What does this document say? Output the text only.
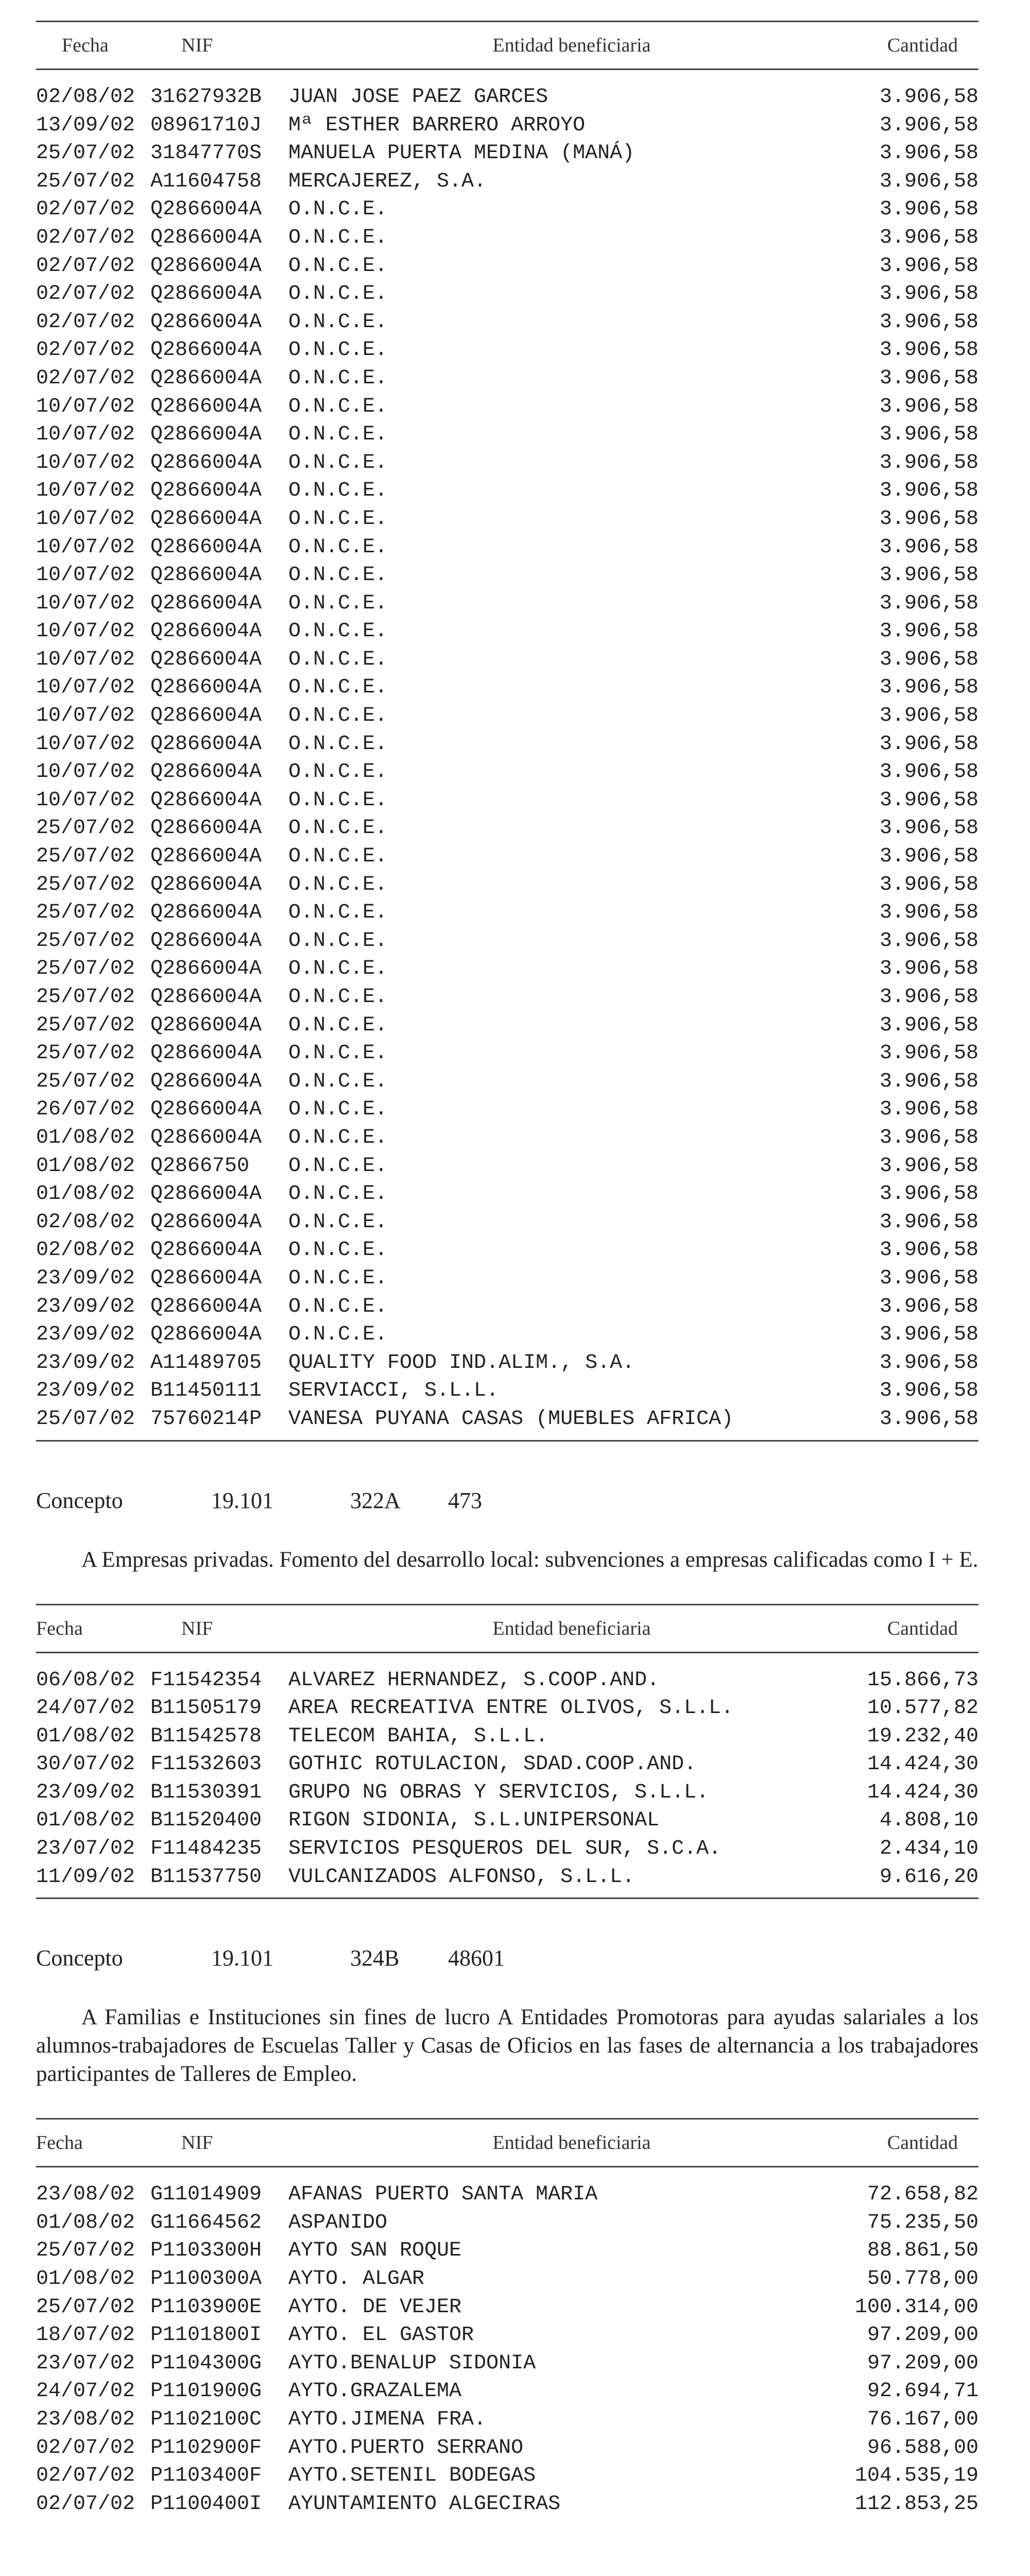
Fecha	NIF	Entidad beneficiaria	Cantidad
02/08/02 31627932B	JUAN JOSE PAEZ GARCES	3.906,58
13/09/02 08961710J	Mª ESTHER BARRERO ARROYO	3.906,58
25/07/02 31847770S	MANUELA PUERTA MEDINA (MANÁ)	3.906,58
25/07/02 A11604758	MERCAJEREZ, S.A.	3.906,58
02/07/02 Q2866004A	O.N.C.E.	3.906,58
02/07/02 Q2866004A	O.N.C.E.	3.906,58
02/07/02 Q2866004A	O.N.C.E.	3.906,58
02/07/02 Q2866004A	O.N.C.E.	3.906,58
02/07/02 Q2866004A	O.N.C.E.	3.906,58
02/07/02 Q2866004A	O.N.C.E.	3.906,58
02/07/02 Q2866004A	O.N.C.E.	3.906,58
10/07/02 Q2866004A	O.N.C.E.	3.906,58
10/07/02 Q2866004A	O.N.C.E.	3.906,58
10/07/02 Q2866004A	O.N.C.E.	3.906,58
10/07/02 Q2866004A	O.N.C.E.	3.906,58
10/07/02 Q2866004A	O.N.C.E.	3.906,58
10/07/02 Q2866004A	O.N.C.E.	3.906,58
10/07/02 Q2866004A	O.N.C.E.	3.906,58
10/07/02 Q2866004A	O.N.C.E.	3.906,58
10/07/02 Q2866004A	O.N.C.E.	3.906,58
10/07/02 Q2866004A	O.N.C.E.	3.906,58
10/07/02 Q2866004A	O.N.C.E.	3.906,58
10/07/02 Q2866004A	O.N.C.E.	3.906,58
10/07/02 Q2866004A	O.N.C.E.	3.906,58
10/07/02 Q2866004A	O.N.C.E.	3.906,58
10/07/02 Q2866004A	O.N.C.E.	3.906,58
25/07/02 Q2866004A	O.N.C.E.	3.906,58
25/07/02 Q2866004A	O.N.C.E.	3.906,58
25/07/02 Q2866004A	O.N.C.E.	3.906,58
25/07/02 Q2866004A	O.N.C.E.	3.906,58
25/07/02 Q2866004A	O.N.C.E.	3.906,58
25/07/02 Q2866004A	O.N.C.E.	3.906,58
25/07/02 Q2866004A	O.N.C.E.	3.906,58
25/07/02 Q2866004A	O.N.C.E.	3.906,58
25/07/02 Q2866004A	O.N.C.E.	3.906,58
25/07/02 Q2866004A	O.N.C.E.	3.906,58
26/07/02 Q2866004A	O.N.C.E.	3.906,58
01/08/02 Q2866004A	O.N.C.E.	3.906,58
01/08/02 Q2866750	O.N.C.E.	3.906,58
01/08/02 Q2866004A	O.N.C.E.	3.906,58
02/08/02 Q2866004A	O.N.C.E.	3.906,58
02/08/02 Q2866004A	O.N.C.E.	3.906,58
23/09/02 Q2866004A	O.N.C.E.	3.906,58
23/09/02 Q2866004A	O.N.C.E.	3.906,58
23/09/02 Q2866004A	O.N.C.E.	3.906,58
23/09/02 A11489705	QUALITY FOOD IND.ALIM., S.A.	3.906,58
23/09/02 B11450111	SERVIACCI, S.L.L.	3.906,58
25/07/02 75760214P	VANESA PUYANA CASAS (MUEBLES AFRICA)	3.906,58
Concepto	19.101	322A	473
A Empresas privadas. Fomento del desarrollo local: subvenciones a empresas calificadas como I + E.
Fecha	NIF	Entidad beneficiaria	Cantidad
06/08/02 F11542354	ALVAREZ HERNANDEZ, S.COOP.AND.	15.866,73
24/07/02 B11505179	AREA RECREATIVA ENTRE OLIVOS, S.L.L.	10.577,82
01/08/02 B11542578	TELECOM BAHIA, S.L.L.	19.232,40
30/07/02 F11532603	GOTHIC ROTULACION, SDAD.COOP.AND.	14.424,30
23/09/02 B11530391	GRUPO NG OBRAS Y SERVICIOS, S.L.L.	14.424,30
01/08/02 B11520400	RIGON SIDONIA, S.L.UNIPERSONAL	4.808,10
23/07/02 F11484235	SERVICIOS PESQUEROS DEL SUR, S.C.A.	2.434,10
11/09/02 B11537750	VULCANIZADOS ALFONSO, S.L.L.	9.616,20
Concepto	19.101	324B	48601
A Familias e Instituciones sin fines de lucro A Entidades Promotoras para ayudas salariales a los alumnos-trabajadores de Escuelas Taller y Casas de Oficios en las fases de alternancia a los trabajadores participantes de Talleres de Empleo.
Fecha	NIF	Entidad beneficiaria	Cantidad
23/08/02 G11014909	AFANAS PUERTO SANTA MARIA	72.658,82
01/08/02 G11664562	ASPANIDO	75.235,50
25/07/02 P1103300H	AYTO SAN ROQUE	88.861,50
01/08/02 P1100300A	AYTO. ALGAR	50.778,00
25/07/02 P1103900E	AYTO. DE VEJER	100.314,00
18/07/02 P1101800I	AYTO. EL GASTOR	97.209,00
23/07/02 P1104300G	AYTO.BENALUP SIDONIA	97.209,00
24/07/02 P1101900G	AYTO.GRAZALEMA	92.694,71
23/08/02 P1102100C	AYTO.JIMENA FRA.	76.167,00
02/07/02 P1102900F	AYTO.PUERTO SERRANO	96.588,00
02/07/02 P1103400F	AYTO.SETENIL BODEGAS	104.535,19
02/07/02 P1100400I	AYUNTAMIENTO ALGECIRAS	112.853,25
